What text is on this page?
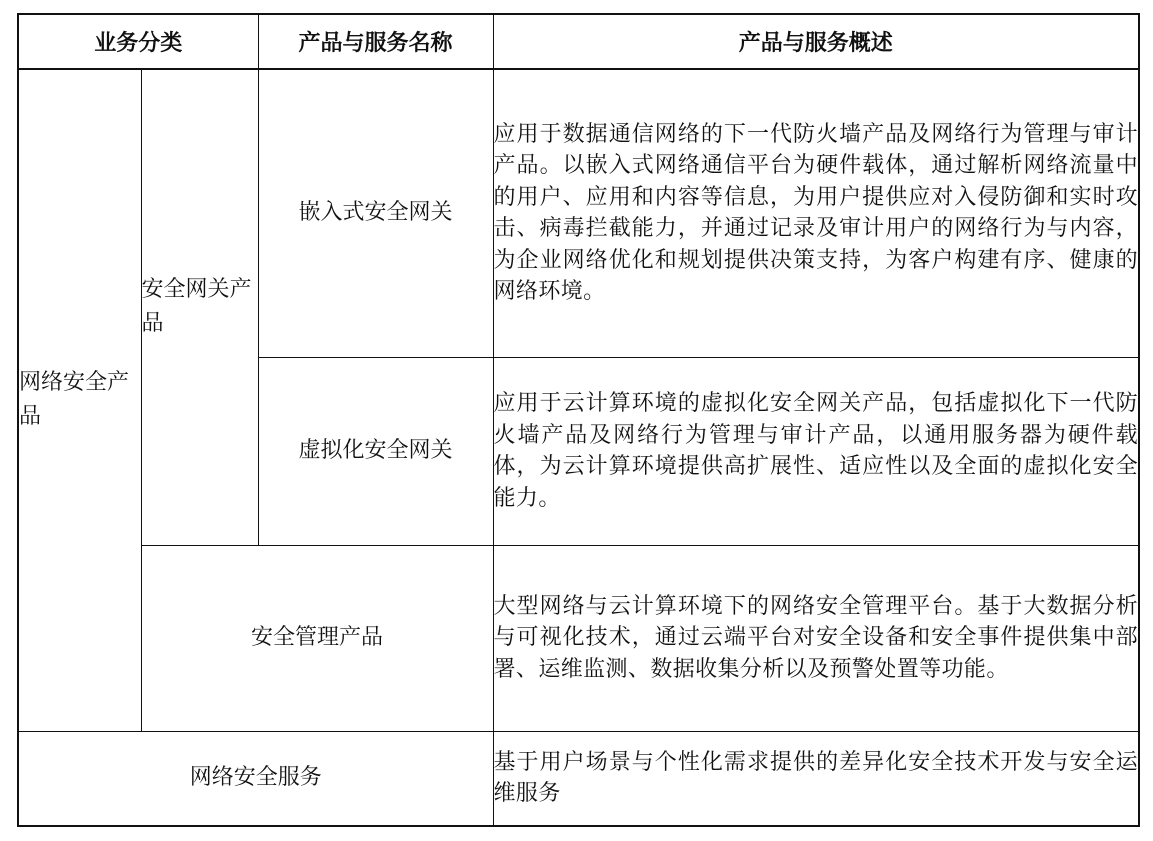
业务分类		产品与服务名称	产品与服务概述
网络安全产品	安全网关产品	嵌入式安全网关	应用于数据通信网络的下一代防火墙产品及网络行为管理与审计产品。以嵌入式网络通信平台为硬件载体，通过解析网络流量中的用户、应用和内容等信息，为用户提供应对入侵防御和实时攻击、病毒拦截能力，并通过记录及审计用户的网络行为与内容，为企业网络优化和规划提供决策支持，为客户构建有序、健康的网络环境。
		虚拟化安全网关	应用于云计算环境的虚拟化安全网关产品，包括虚拟化下一代防火墙产品及网络行为管理与审计产品，以通用服务器为硬件载体，为云计算环境提供高扩展性、适应性以及全面的虚拟化安全能力。
	安全管理产品		大型网络与云计算环境下的网络安全管理平台。基于大数据分析与可视化技术，通过云端平台对安全设备和安全事件提供集中部署、运维监测、数据收集分析以及预警处置等功能。
网络安全服务			基于用户场景与个性化需求提供的差异化安全技术开发与安全运维服务
